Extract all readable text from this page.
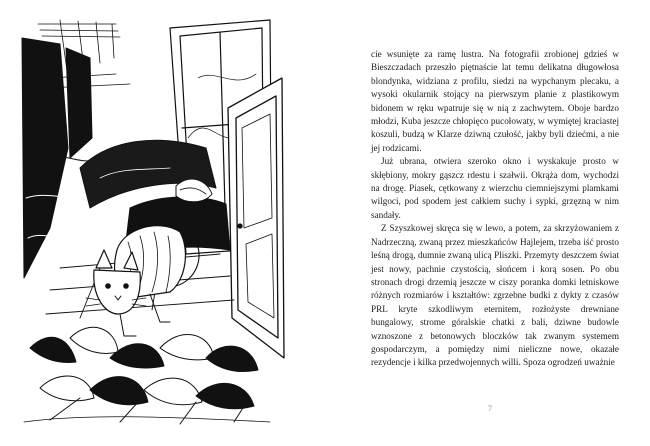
cie wsunięte za ramę lustra. Na fotografii zrobionej gdzieś w Bieszczadach przeszło piętnaście lat temu delikatna długowłosa blondynka, widziana z profilu, siedzi na wypchanym plecaku, a wysoki okularnik stojący na pierwszym planie z plastikowym bidonem w ręku wpatruje się w nią z zachwytem. Oboje bardzo młodzi, Kuba jeszcze chłopięco pucołowaty, w wymiętej kraciastej koszuli, budzą w Klarze dziwną czułość, jakby byli dziećmi, a nie jej rodzicami.

Już ubrana, otwiera szeroko okno i wyskakuje prosto w skłębiony, mokry gąszcz rdestu i szałwii. Okrąża dom, wychodzi na drogę. Piasek, cętkowany z wierzchu ciemniejszymi plamkami wilgoci, pod spodem jest całkiem suchy i sypki, grzęzną w nim sandały.

Z Szyszkowej skręca się w lewo, a potem, za skrzyżowaniem z Nadrzeczną, zwaną przez mieszkańców Hajlejem, trzeba iść prosto leśną drogą, dumnie zwaną ulicą Pliszki. Przemyty deszczem świat jest nowy, pachnie czystością, słońcem i korą sosen. Po obu stronach drogi drzemią jeszcze w ciszy poranka domki letniskowe różnych rozmiarów i kształtów: zgrzebne budki z dykty z czasów PRL kryte szkodliwym eternitem, rozłożyste drewniane bungalowy, strome góralskie chatki z bali, dziwne budowle wznoszone z betonowych bloczków tak zwanym systemem gospodarczym, a pomiędzy nimi nieliczne nowe, okazałe rezydencje i kilka przedwojennych willi. Spoza ogrodzeń uważnie

7
